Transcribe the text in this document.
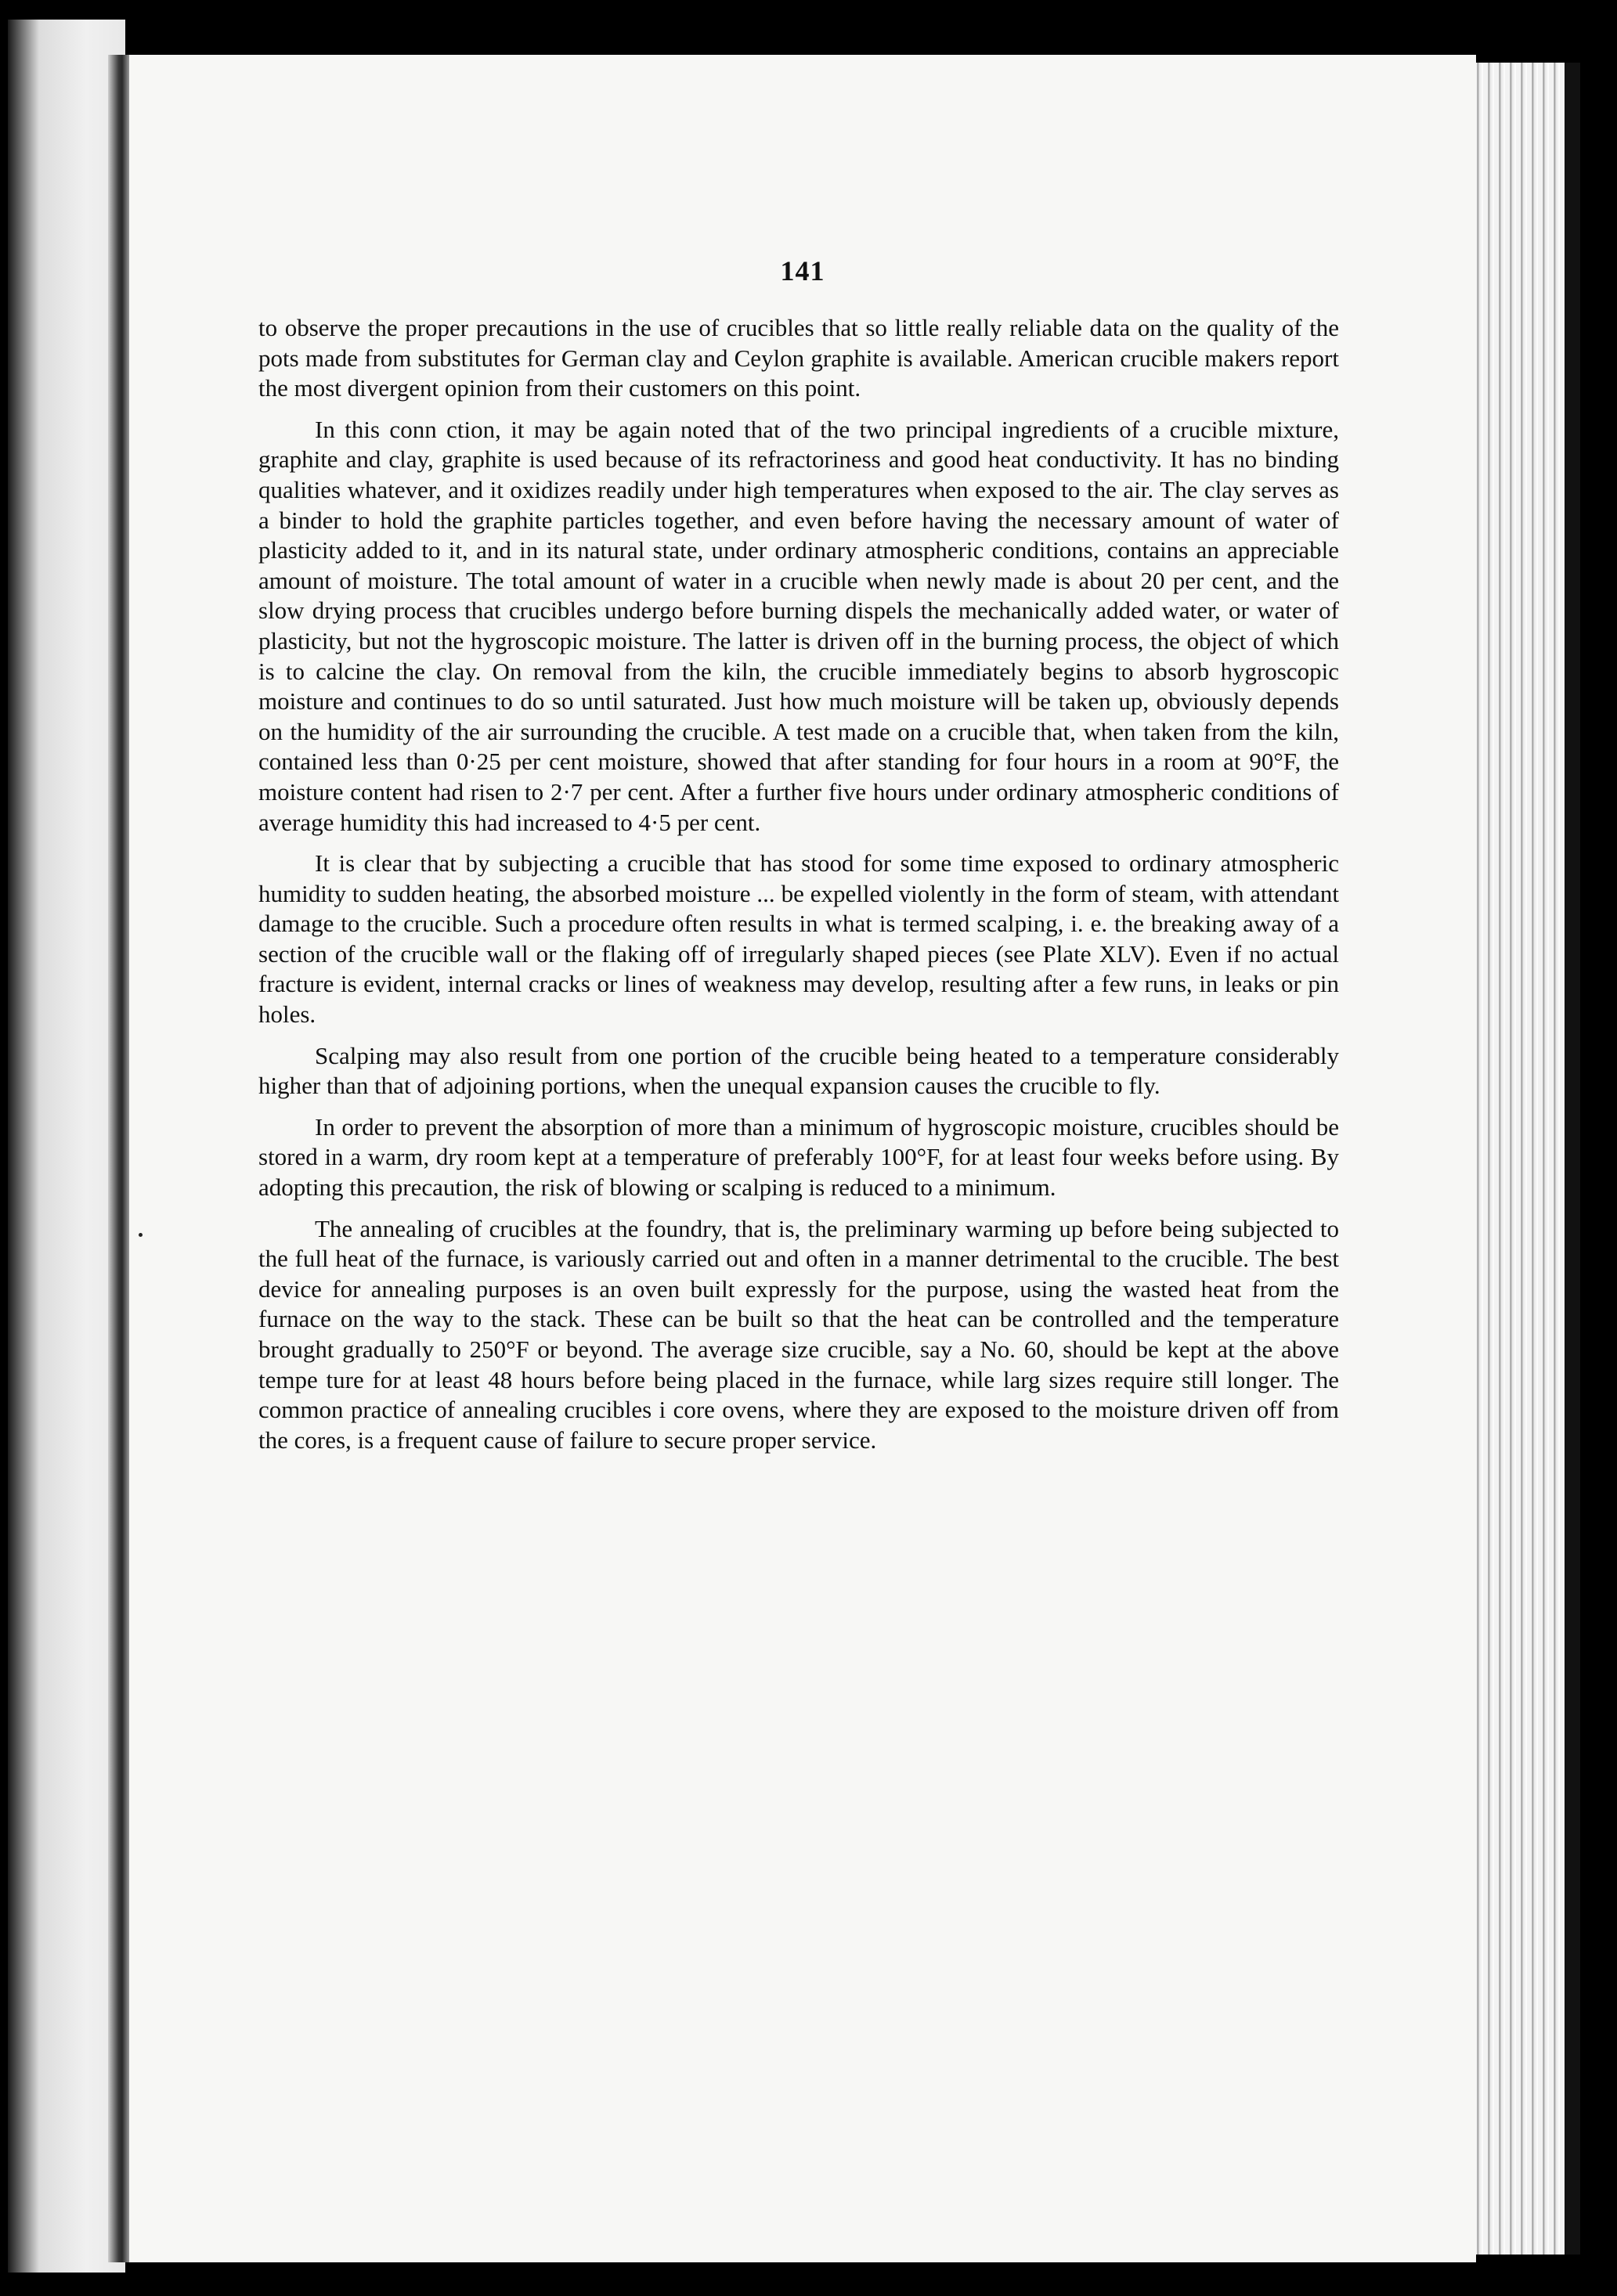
141

to observe the proper precautions in the use of crucibles that so little really reliable data on the quality of the pots made from substitutes for German clay and Ceylon graphite is available. American crucible makers report the most divergent opinion from their customers on this point.

In this conn ction, it may be again noted that of the two principal ingredients of a crucible mixture, graphite and clay, graphite is used because of its refractoriness and good heat conductivity. It has no binding qualities whatever, and it oxidizes readily under high temperatures when exposed to the air. The clay serves as a binder to hold the graphite particles together, and even before having the necessary amount of water of plasticity added to it, and in its natural state, under ordinary atmospheric conditions, contains an appreciable amount of moisture. The total amount of water in a crucible when newly made is about 20 per cent, and the slow drying process that crucibles undergo before burning dispels the mechanically added water, or water of plasticity, but not the hygroscopic moisture. The latter is driven off in the burning process, the object of which is to calcine the clay. On removal from the kiln, the crucible immediately begins to absorb hygroscopic moisture and continues to do so until saturated. Just how much moisture will be taken up, obviously depends on the humidity of the air surrounding the crucible. A test made on a crucible that, when taken from the kiln, contained less than 0·25 per cent moisture, showed that after standing for four hours in a room at 90°F, the moisture content had risen to 2·7 per cent. After a further five hours under ordinary atmospheric conditions of average humidity this had increased to 4·5 per cent.

It is clear that by subjecting a crucible that has stood for some time exposed to ordinary atmospheric humidity to sudden heating, the absorbed moisture ... be expelled violently in the form of steam, with attendant damage to the crucible. Such a procedure often results in what is termed scalping, i. e. the breaking away of a section of the crucible wall or the flaking off of irregularly shaped pieces (see Plate XLV). Even if no actual fracture is evident, internal cracks or lines of weakness may develop, resulting after a few runs, in leaks or pin holes.

Scalping may also result from one portion of the crucible being heated to a temperature considerably higher than that of adjoining portions, when the unequal expansion causes the crucible to fly.

In order to prevent the absorption of more than a minimum of hygroscopic moisture, crucibles should be stored in a warm, dry room kept at a temperature of preferably 100°F, for at least four weeks before using. By adopting this precaution, the risk of blowing or scalping is reduced to a minimum.

The annealing of crucibles at the foundry, that is, the preliminary warming up before being subjected to the full heat of the furnace, is variously carried out and often in a manner detrimental to the crucible. The best device for annealing purposes is an oven built expressly for the purpose, using the wasted heat from the furnace on the way to the stack. These can be built so that the heat can be controlled and the temperature brought gradually to 250°F or beyond. The average size crucible, say a No. 60, should be kept at the above tempe ture for at least 48 hours before being placed in the furnace, while larg sizes require still longer. The common practice of annealing crucibles i core ovens, where they are exposed to the moisture driven off from the cores, is a frequent cause of failure to secure proper service.
